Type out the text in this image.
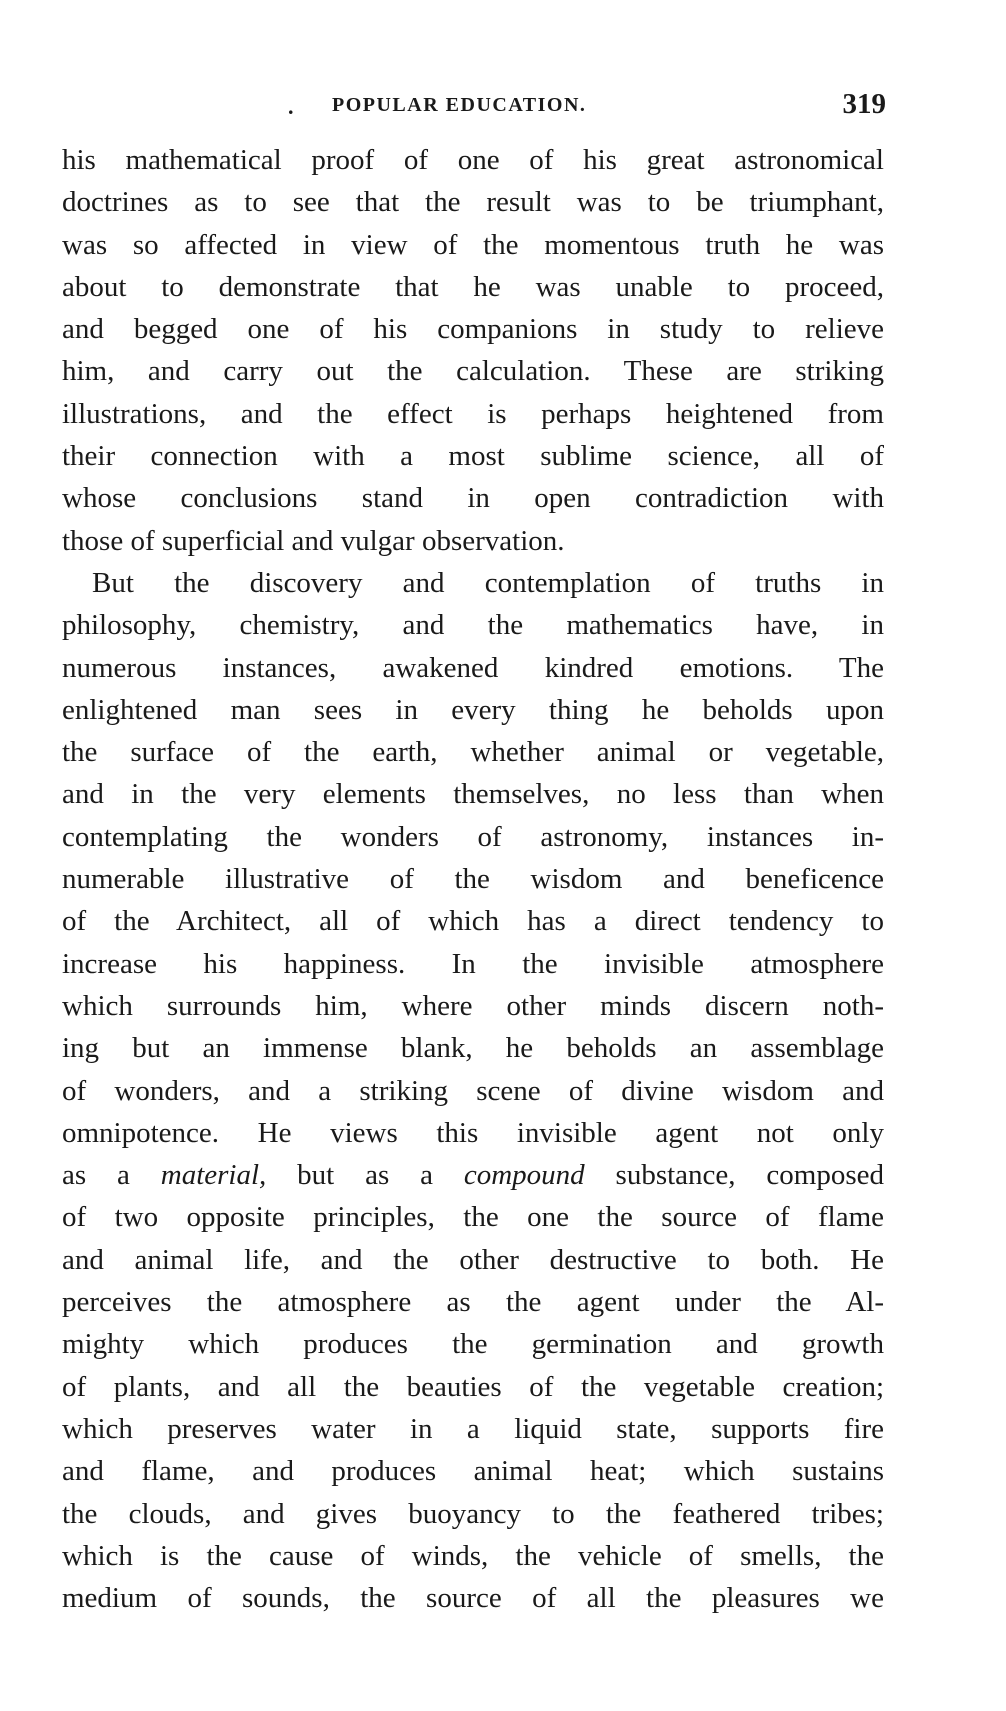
. POPULAR EDUCATION.	319
his mathematical proof of one of his great astronomical
doctrines as to see that the result was to be triumphant,
was so affected in view of the momentous truth he was
about to demonstrate that he was unable to proceed,
and begged one of his companions in study to relieve
him, and carry out the calculation. These are striking
illustrations, and the effect is perhaps heightened from
their connection with a most sublime science, all of
whose conclusions stand in open contradiction with
those of superficial and vulgar observation.
But the discovery and contemplation of truths in
philosophy, chemistry, and the mathematics have, in
numerous instances, awakened kindred emotions. The
enlightened man sees in every thing he beholds upon
the surface of the earth, whether animal or vegetable,
and in the very elements themselves, no less than when
contemplating the wonders of astronomy, instances in-
numerable illustrative of the wisdom and beneficence
of the Architect, all of which has a direct tendency to
increase his happiness. In the invisible atmosphere
which surrounds him, where other minds discern noth-
ing but an immense blank, he beholds an assemblage
of wonders, and a striking scene of divine wisdom and
omnipotence. He views this invisible agent not only
as a material, but as a compound substance, composed
of two opposite principles, the one the source of flame
and animal life, and the other destructive to both. He
perceives the atmosphere as the agent under the Al-
mighty which produces the germination and growth
of plants, and all the beauties of the vegetable creation;
which preserves water in a liquid state, supports fire
and flame, and produces animal heat; which sustains
the clouds, and gives buoyancy to the feathered tribes;
which is the cause of winds, the vehicle of smells, the
medium of sounds, the source of all the pleasures we
